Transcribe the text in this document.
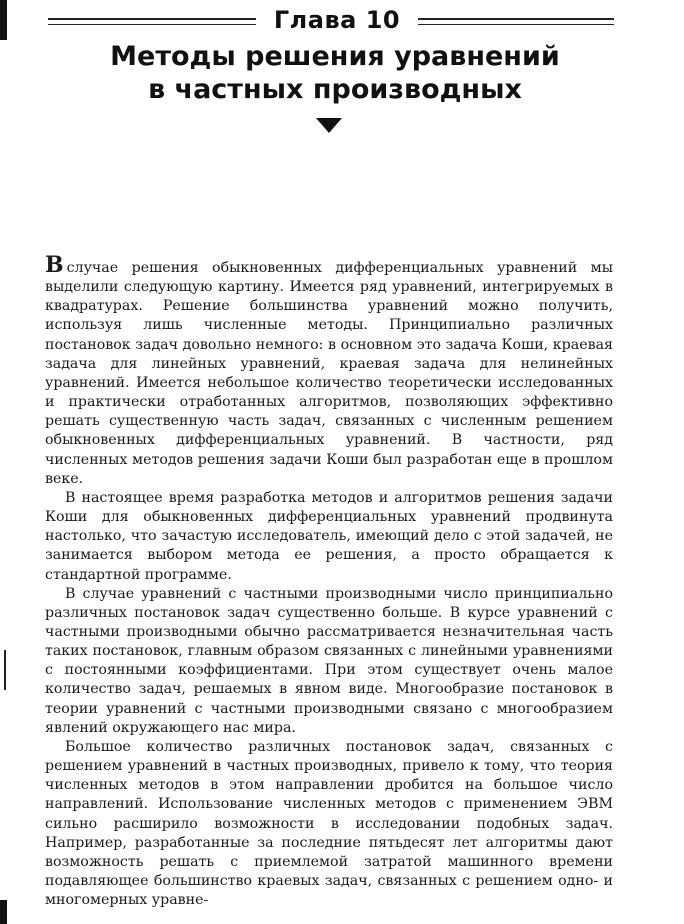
Глава 10
Методы решения уравнений
в частных производных

Вслучае решения обыкновенных дифференциальных уравнений мы выделили следующую картину. Имеется ряд уравнений, интегрируемых в квадратурах. Решение большинства уравнений можно получить, используя лишь численные методы. Принципиально различных постановок задач довольно немного: в основном это задача Коши, краевая задача для линейных уравнений, краевая задача для нелинейных уравнений. Имеется небольшое количество теоретически исследованных и практически отработанных алгоритмов, позволяющих эффективно решать существенную часть задач, связанных с численным решением обыкновенных дифференциальных уравнений. В частности, ряд численных методов решения задачи Коши был разработан еще в прошлом веке.

В настоящее время разработка методов и алгоритмов решения задачи Коши для обыкновенных дифференциальных уравнений продвинута настолько, что зачастую исследователь, имеющий дело с этой задачей, не занимается выбором метода ее решения, а просто обращается к стандартной программе.

В случае уравнений с частными производными число принципиально различных постановок задач существенно больше. В курсе уравнений с частными производными обычно рассматривается незначительная часть таких постановок, главным образом связанных с линейными уравнениями с постоянными коэффициентами. При этом существует очень малое количество задач, решаемых в явном виде. Многообразие постановок в теории уравнений с частными производными связано с многообразием явлений окружающего нас мира.

Большое количество различных постановок задач, связанных с решением уравнений в частных производных, привело к тому, что теория численных методов в этом направлении дробится на большое число направлений. Использование численных методов с применением ЭВМ сильно расширило возможности в исследовании подобных задач. Например, разработанные за последние пятьдесят лет алгоритмы дают возможность решать с приемлемой затратой машинного времени подавляющее большинство краевых задач, связанных с решением одно- и многомерных уравне-
